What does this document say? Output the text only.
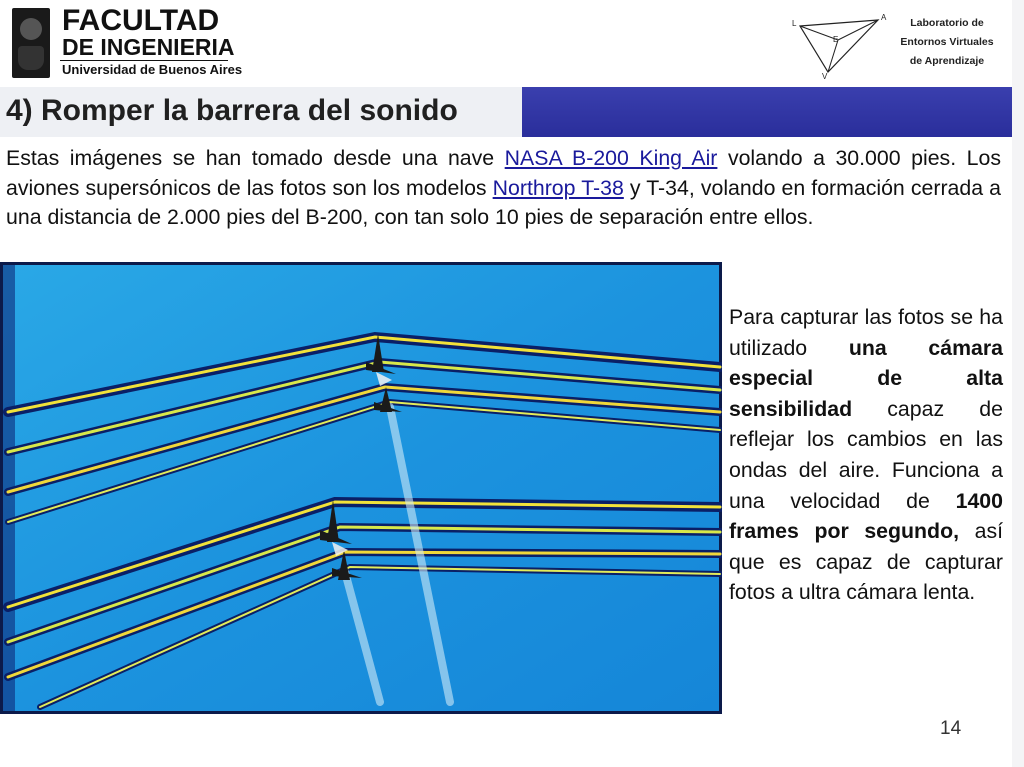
FACULTAD
DE INGENIERIA
Universidad de Buenos Aires
L
A
E
V
Laboratorio de
Entornos Virtuales
de Aprendizaje
4) Romper la barrera del sonido

Estas imágenes se han tomado desde una nave NASA B-200 King Air volando a 30.000 pies. Los aviones supersónicos de las fotos son los modelos Northrop T-38 y T-34, volando en formación cerrada a una distancia de 2.000 pies del B-200, con tan solo 10 pies de separación entre ellos.

Para capturar las fotos se ha utilizado una cámara especial de alta sensibilidad capaz de reflejar los cambios en las ondas del aire. Funciona a una velocidad de 1400 frames por segundo, así que es capaz de capturar fotos a ultra cámara lenta.

14
